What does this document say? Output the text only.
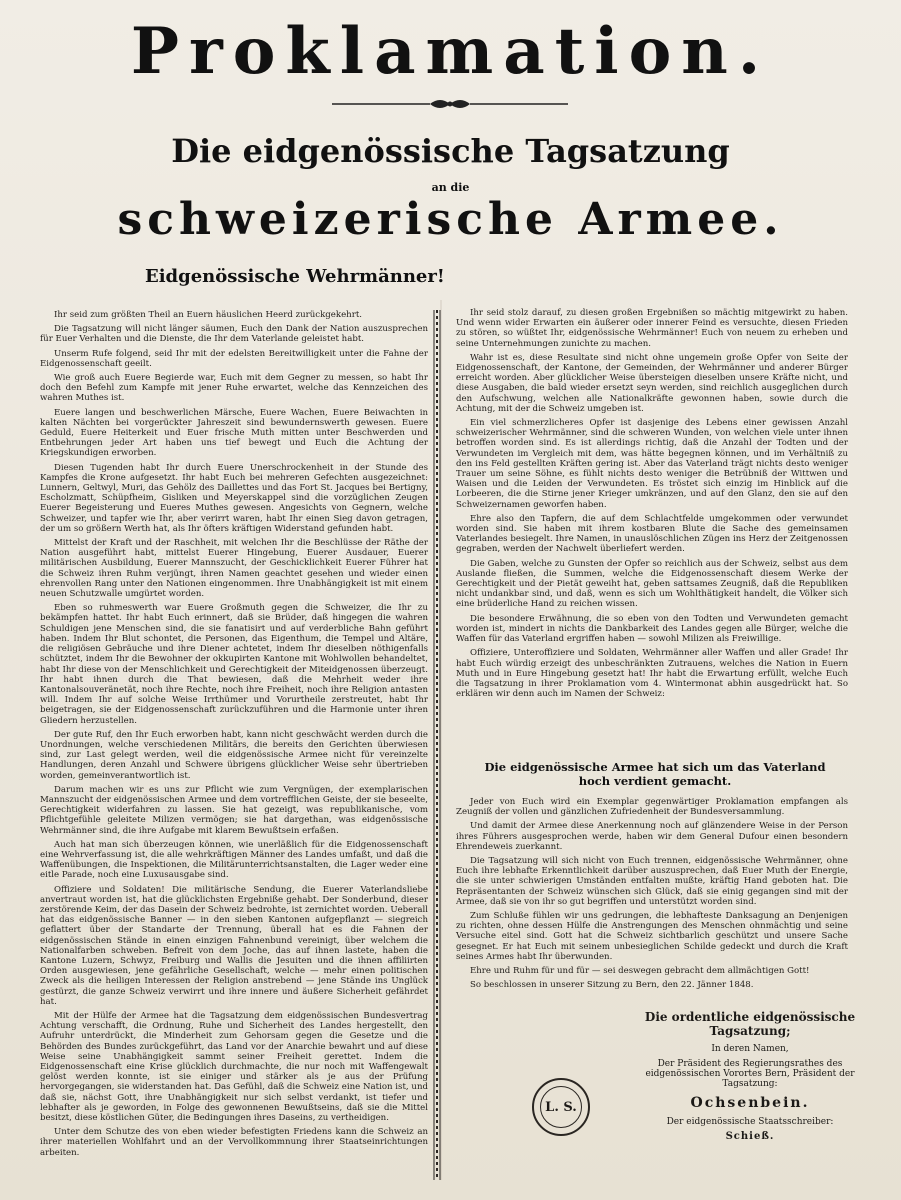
Proklamation.
Die eidgenössische Tagsatzung
an die
schweizerische Armee.
Eidgenössische Wehrmänner!

Ihr seid zum größten Theil an Euern häuslichen Heerd zurückgekehrt.

Die Tagsatzung will nicht länger säumen, Euch den Dank der Nation auszusprechen für Euer Verhalten und die Dienste, die Ihr dem Vaterlande geleistet habt.

Unserm Rufe folgend, seid Ihr mit der edelsten Bereitwilligkeit unter die Fahne der Eidgenossenschaft geeilt.

Wie groß auch Euere Begierde war, Euch mit dem Gegner zu messen, so habt Ihr doch den Befehl zum Kampfe mit jener Ruhe erwartet, welche das Kennzeichen des wahren Muthes ist.

Euere langen und beschwerlichen Märsche, Euere Wachen, Euere Beiwachten in kalten Nächten bei vorgerückter Jahreszeit sind bewundernswerth gewesen. Euere Geduld, Euere Heiterkeit und Euer frische Muth mitten unter Beschwerden und Entbehrungen jeder Art haben uns tief bewegt und Euch die Achtung der Kriegskundigen erworben.

Diesen Tugenden habt Ihr durch Euere Unerschrockenheit in der Stunde des Kampfes die Krone aufgesetzt. Ihr habt Euch bei mehreren Gefechten ausgezeichnet: Lunnern, Geltwyl, Muri, das Gehölz des Daillettes und das Fort St. Jacques bei Bertigny, Escholzmatt, Schüpfheim, Gisliken und Meyerskappel sind die vorzüglichen Zeugen Euerer Begeisterung und Eueres Muthes gewesen. Angesichts von Gegnern, welche Schweizer, und tapfer wie Ihr, aber verirrt waren, habt Ihr einen Sieg davon getragen, der um so größern Werth hat, als Ihr öfters kräftigen Widerstand gefunden habt.

Mittelst der Kraft und der Raschheit, mit welchen Ihr die Beschlüsse der Räthe der Nation ausgeführt habt, mittelst Euerer Hingebung, Euerer Ausdauer, Euerer militärischen Ausbildung, Euerer Mannszucht, der Geschicklichkeit Euerer Führer hat die Schweiz ihren Ruhm verjüngt, ihren Namen geachtet gesehen und wieder einen ehrenvollen Rang unter den Nationen eingenommen. Ihre Unabhängigkeit ist mit einem neuen Schutzwalle umgürtet worden.

Eben so ruhmeswerth war Euere Großmuth gegen die Schweizer, die Ihr zu bekämpfen hattet. Ihr habt Euch erinnert, daß sie Brüder, daß hingegen die wahren Schuldigen jene Menschen sind, die sie fanatisirt und auf verderbliche Bahn geführt haben. Indem Ihr Blut schontet, die Personen, das Eigenthum, die Tempel und Altäre, die religiösen Gebräuche und ihre Diener achtetet, indem Ihr dieselben nöthigenfalls schütztet, indem Ihr die Bewohner der okkupirten Kantone mit Wohlwollen behandeltet, habt Ihr diese von der Menschlichkeit und Gerechtigkeit der Miteidgenossen überzeugt. Ihr habt ihnen durch die That bewiesen, daß die Mehrheit weder ihre Kantonalsouveränetät, noch ihre Rechte, noch ihre Freiheit, noch ihre Religion antasten will. Indem Ihr auf solche Weise Irrthümer und Vorurtheile zerstreutet, habt Ihr beigetragen, sie der Eidgenossenschaft zurückzuführen und die Harmonie unter ihren Gliedern herzustellen.

Der gute Ruf, den Ihr Euch erworben habt, kann nicht geschwächt werden durch die Unordnungen, welche verschiedenen Militärs, die bereits den Gerichten überwiesen sind, zur Last gelegt werden, weil die eidgenössische Armee nicht für vereinzelte Handlungen, deren Anzahl und Schwere übrigens glücklicher Weise sehr übertrieben worden, gemeinverantwortlich ist.

Darum machen wir es uns zur Pflicht wie zum Vergnügen, der exemplarischen Mannszucht der eidgenössischen Armee und dem vortrefflichen Geiste, der sie beseelte, Gerechtigkeit widerfahren zu lassen. Sie hat gezeigt, was republikanische, vom Pflichtgefühle geleitete Milizen vermögen; sie hat dargethan, was eidgenössische Wehrmänner sind, die ihre Aufgabe mit klarem Bewußtsein erfaßen.

Auch hat man sich überzeugen können, wie unerläßlich für die Eidgenossenschaft eine Wehrverfassung ist, die alle wehrkräftigen Männer des Landes umfaßt, und daß die Waffenübungen, die Inspektionen, die Militärunterrichtsanstalten, die Lager weder eine eitle Parade, noch eine Luxusausgabe sind.

Offiziere und Soldaten! Die militärische Sendung, die Euerer Vaterlandsliebe anvertraut worden ist, hat die glücklichsten Ergebniße gehabt. Der Sonderbund, dieser zerstörende Keim, der das Dasein der Schweiz bedrohte, ist zernichtet worden. Ueberall hat das eidgenössische Banner — in den sieben Kantonen aufgepflanzt — siegreich geflattert über der Standarte der Trennung, überall hat es die Fahnen der eidgenössischen Stände in einen einzigen Fahnenbund vereinigt, über welchem die Nationalfarben schweben. Befreit von dem Joche, das auf ihnen lastete, haben die Kantone Luzern, Schwyz, Freiburg und Wallis die Jesuiten und die ihnen affiliirten Orden ausgewiesen, jene gefährliche Gesellschaft, welche — mehr einen politischen Zweck als die heiligen Interessen der Religion anstrebend — jene Stände ins Unglück gestürzt, die ganze Schweiz verwirrt und ihre innere und äußere Sicherheit gefährdet hat.

Mit der Hülfe der Armee hat die Tagsatzung dem eidgenössischen Bundesvertrag Achtung verschafft, die Ordnung, Ruhe und Sicherheit des Landes hergestellt, den Aufruhr unterdrückt, die Minderheit zum Gehorsam gegen die Gesetze und die Behörden des Bundes zurückgeführt, das Land vor der Anarchie bewahrt und auf diese Weise seine Unabhängigkeit sammt seiner Freiheit gerettet. Indem die Eidgenossenschaft eine Krise glücklich durchmachte, die nur noch mit Waffengewalt gelöst werden konnte, ist sie einiger und stärker als je aus der Prüfung hervorgegangen, sie widerstanden hat. Das Gefühl, daß die Schweiz eine Nation ist, und daß sie, nächst Gott, ihre Unabhängigkeit nur sich selbst verdankt, ist tiefer und lebhafter als je geworden, in Folge des gewonnenen Bewußtseins, daß sie die Mittel besitzt, diese köstlichen Güter, die Bedingungen ihres Daseins, zu vertheidigen.

Unter dem Schutze des von eben wieder befestigten Friedens kann die Schweiz an ihrer materiellen Wohlfahrt und an der Vervollkommnung ihrer Staatseinrichtungen arbeiten.

Ihr seid stolz darauf, zu diesen großen Ergebnißen so mächtig mitgewirkt zu haben. Und wenn wider Erwarten ein äußerer oder innerer Feind es versuchte, diesen Frieden zu stören, so wüßtet Ihr, eidgenössische Wehrmänner! Euch von neuem zu erheben und seine Unternehmungen zunichte zu machen.

Wahr ist es, diese Resultate sind nicht ohne ungemein große Opfer von Seite der Eidgenossenschaft, der Kantone, der Gemeinden, der Wehrmänner und anderer Bürger erreicht worden. Aber glücklicher Weise übersteigen dieselben unsere Kräfte nicht, und diese Ausgaben, die bald wieder ersetzt seyn werden, sind reichlich ausgeglichen durch den Aufschwung, welchen alle Nationalkräfte gewonnen haben, sowie durch die Achtung, mit der die Schweiz umgeben ist.

Ein viel schmerzlicheres Opfer ist dasjenige des Lebens einer gewissen Anzahl schweizerischer Wehrmänner, sind die schweren Wunden, von welchen viele unter ihnen betroffen worden sind. Es ist allerdings richtig, daß die Anzahl der Todten und der Verwundeten im Vergleich mit dem, was hätte begegnen können, und im Verhältniß zu den ins Feld gestellten Kräften gering ist. Aber das Vaterland trägt nichts desto weniger Trauer um seine Söhne, es fühlt nichts desto weniger die Betrübniß der Wittwen und Waisen und die Leiden der Verwundeten. Es tröstet sich einzig im Hinblick auf die Lorbeeren, die die Stirne jener Krieger umkränzen, und auf den Glanz, den sie auf den Schweizernamen geworfen haben.

Ehre also den Tapfern, die auf dem Schlachtfelde umgekommen oder verwundet worden sind. Sie haben mit ihrem kostbaren Blute die Sache des gemeinsamen Vaterlandes besiegelt. Ihre Namen, in unauslöschlichen Zügen ins Herz der Zeitgenossen gegraben, werden der Nachwelt überliefert werden.

Die Gaben, welche zu Gunsten der Opfer so reichlich aus der Schweiz, selbst aus dem Auslande fließen, die Summen, welche die Eidgenossenschaft diesem Werke der Gerechtigkeit und der Pietät geweiht hat, geben sattsames Zeugniß, daß die Republiken nicht undankbar sind, und daß, wenn es sich um Wohlthätigkeit handelt, die Völker sich eine brüderliche Hand zu reichen wissen.

Die besondere Erwähnung, die so eben von den Todten und Verwundeten gemacht worden ist, mindert in nichts die Dankbarkeit des Landes gegen alle Bürger, welche die Waffen für das Vaterland ergriffen haben — sowohl Milizen als Freiwillige.

Offiziere, Unteroffiziere und Soldaten, Wehrmänner aller Waffen und aller Grade! Ihr habt Euch würdig erzeigt des unbeschränkten Zutrauens, welches die Nation in Euern Muth und in Eure Hingebung gesetzt hat! Ihr habt die Erwartung erfüllt, welche Euch die Tagsatzung in ihrer Proklamation vom 4. Wintermonat abhin ausgedrückt hat. So erklären wir denn auch im Namen der Schweiz:

Die eidgenössische Armee hat sich um das Vaterland hoch verdient gemacht.

Jeder von Euch wird ein Exemplar gegenwärtiger Proklamation empfangen als Zeugniß der vollen und gänzlichen Zufriedenheit der Bundesversammlung.

Und damit der Armee diese Anerkennung noch auf glänzendere Weise in der Person ihres Führers ausgesprochen werde, haben wir dem General Dufour einen besondern Ehrendeweis zuerkannt.

Die Tagsatzung will sich nicht von Euch trennen, eidgenössische Wehrmänner, ohne Euch ihre lebhafte Erkenntlichkeit darüber auszusprechen, daß Euer Muth der Energie, die sie unter schwierigen Umständen entfalten mußte, kräftig Hand geboten hat. Die Repräsentanten der Schweiz wünschen sich Glück, daß sie einig gegangen sind mit der Armee, daß sie von ihr so gut begriffen und unterstützt worden sind.

Zum Schluße fühlen wir uns gedrungen, die lebhafteste Danksagung an Denjenigen zu richten, ohne dessen Hülfe die Anstrengungen des Menschen ohnmächtig und seine Versuche eitel sind. Gott hat die Schweiz sichtbarlich geschützt und unsere Sache gesegnet. Er hat Euch mit seinem unbesieglichen Schilde gedeckt und durch die Kraft seines Armes habt Ihr überwunden.

Ehre und Ruhm für und für — sei deswegen gebracht dem allmächtigen Gott!

So beschlossen in unserer Sitzung zu Bern, den 22. Jänner 1848.

L. S.
Die ordentliche eidgenössische Tagsatzung;
In deren Namen,
Der Präsident des Regierungsrathes des eidgenössischen Vorortes Bern, Präsident der Tagsatzung:
Ochsenbein.
Der eidgenössische Staatsschreiber:
Schieß.
